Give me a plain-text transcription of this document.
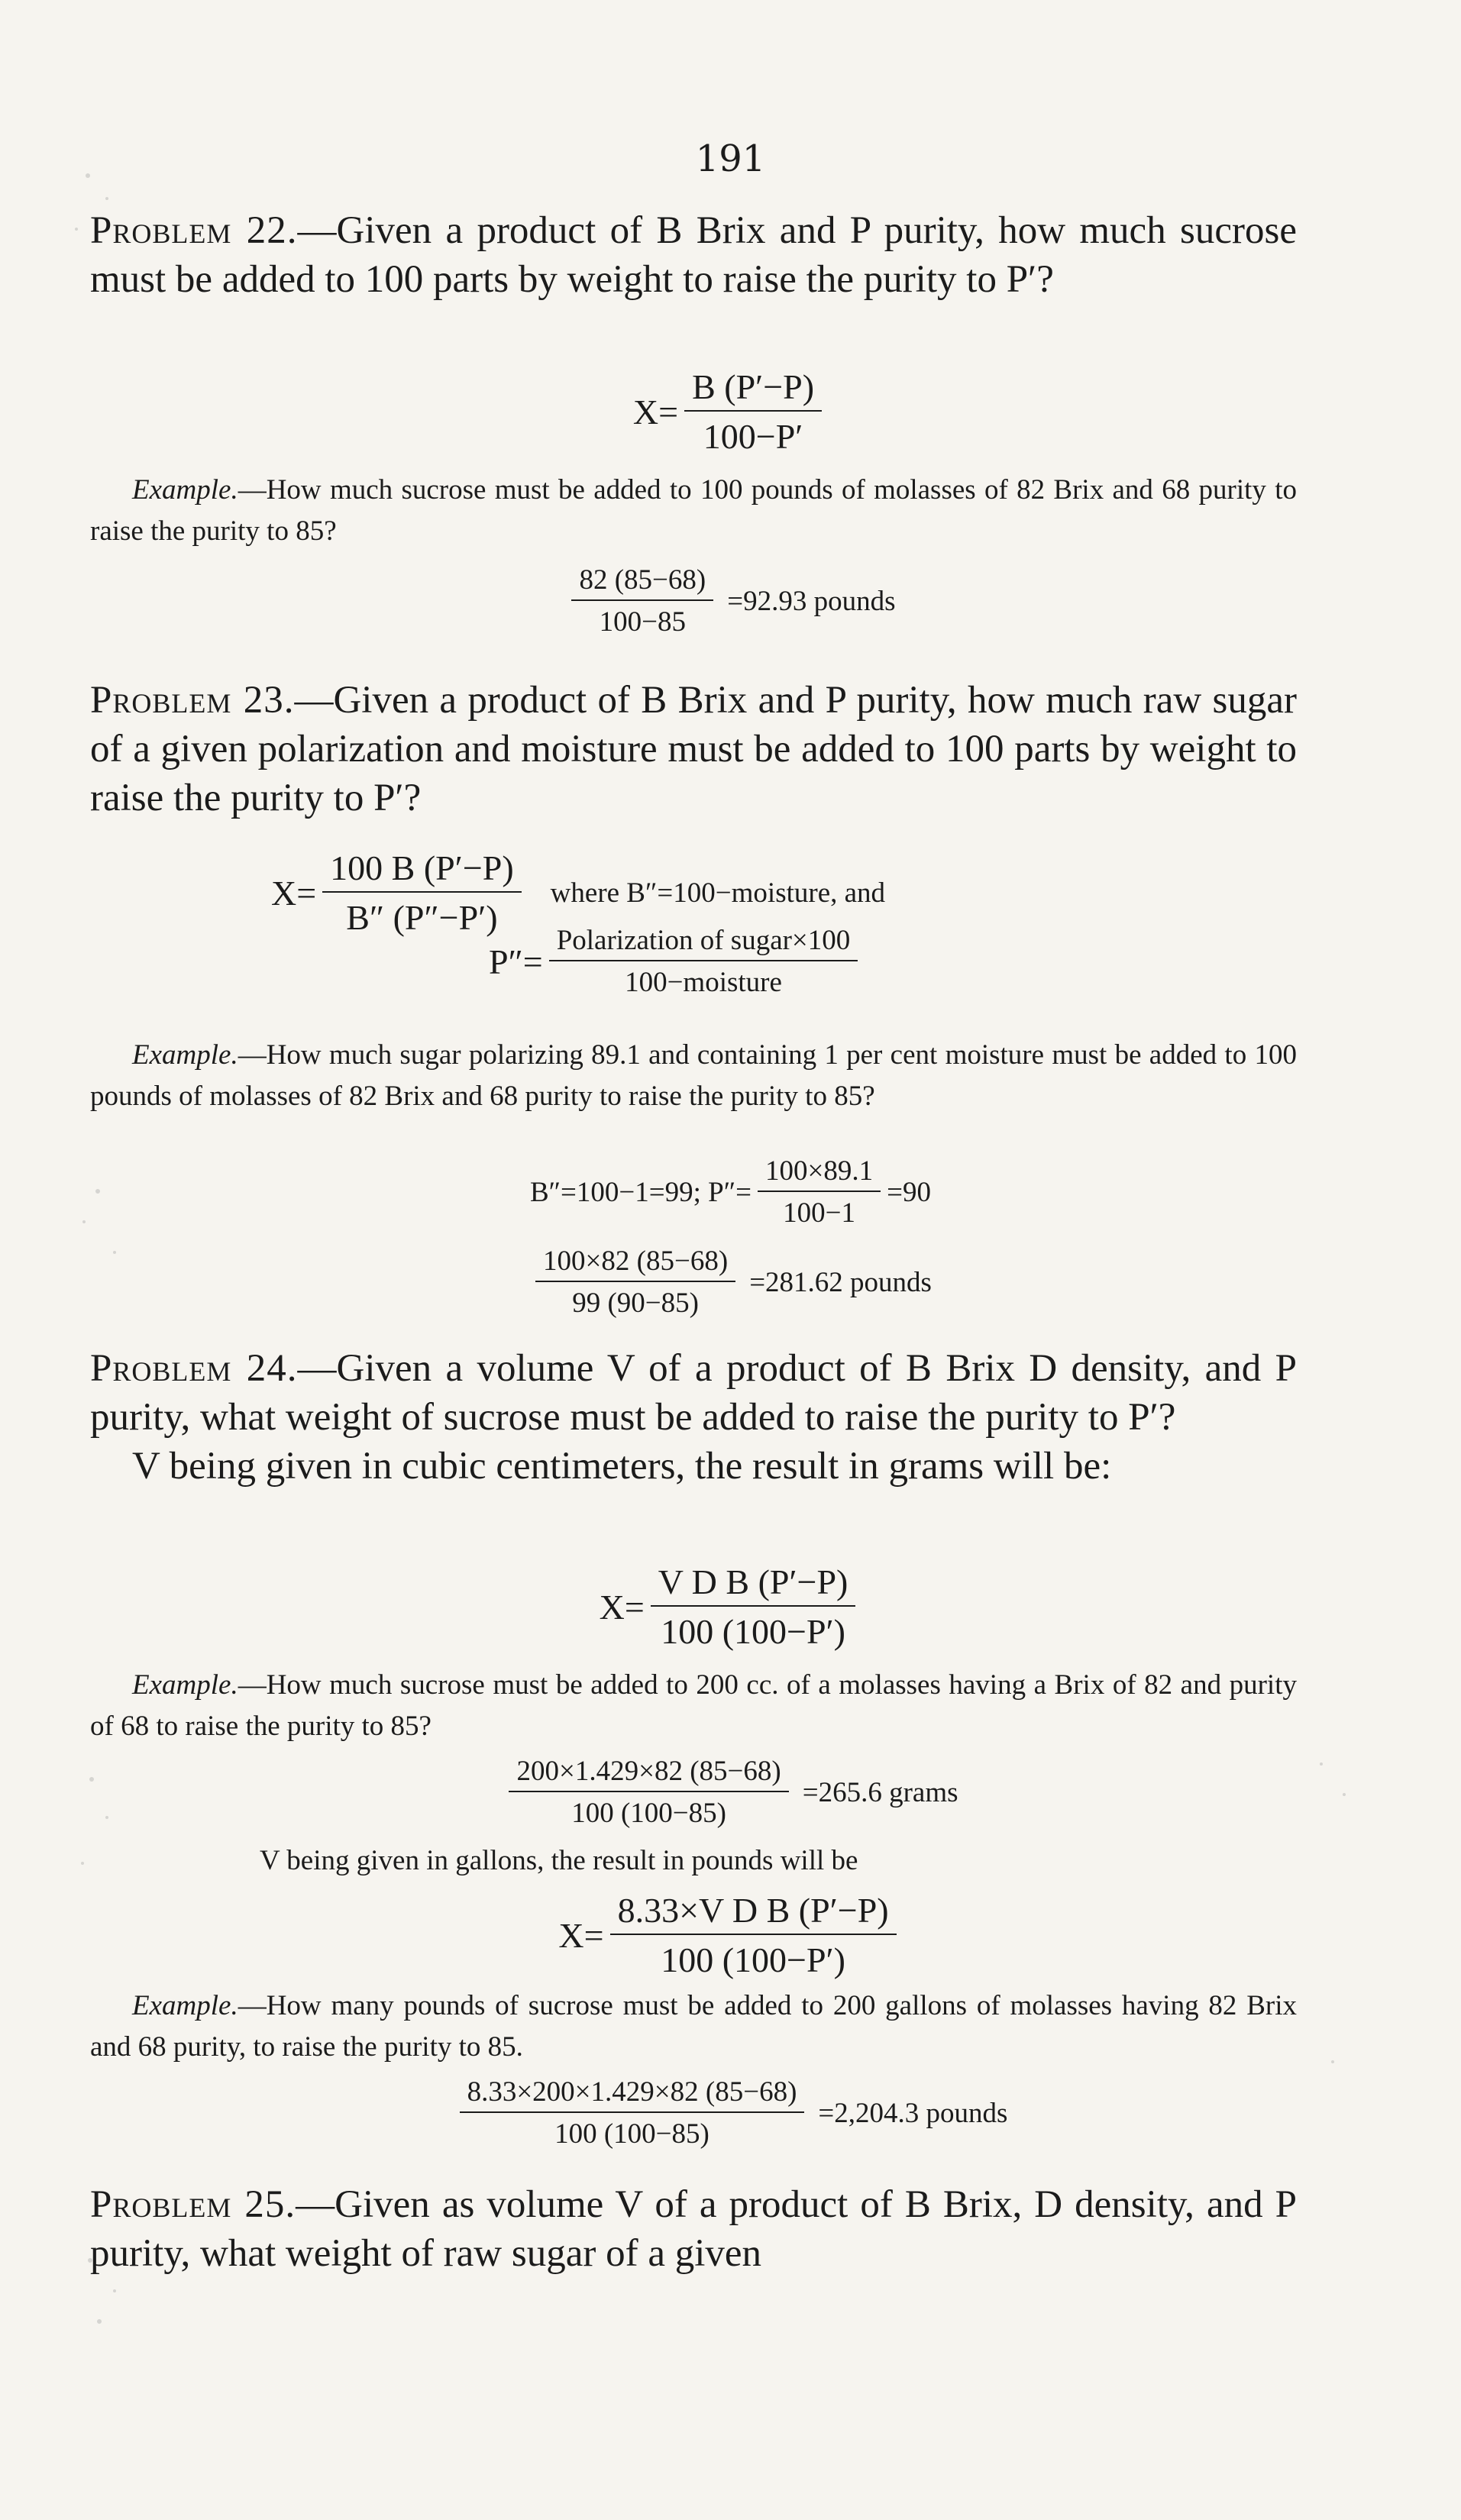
191
Problem 22.—Given a product of B Brix and P purity, how much sucrose must be added to 100 parts by weight to raise the purity to P′?
$X= \frac{B (P'-P)}{100-P'}$
Example.—How much sucrose must be added to 100 pounds of molasses of 82 Brix and 68 purity to raise the purity to 85?
$\frac{82 (85-68)}{100-85} =92.93$ pounds
Problem 23.—Given a product of B Brix and P purity, how much raw sugar of a given polarization and moisture must be added to 100 parts by weight to raise the purity to P′?
$X= \frac{100 B (P'-P)}{B'' (P''-P')}$ where B″=100−moisture, and
$P''= \frac{\text{Polarization of sugar×100}}{\text{100−moisture}}$
Example.—How much sugar polarizing 89.1 and containing 1 per cent moisture must be added to 100 pounds of molasses of 82 Brix and 68 purity to raise the purity to 85?
B″=100−1=99; $P''= \frac{100\times 89.1}{100-1} =90$
$\frac{100\times 82 (85-68)}{99 (90-85)} =281.62$ pounds
Problem 24.—Given a volume V of a product of B Brix D density, and P purity, what weight of sucrose must be added to raise the purity to P′?
V being given in cubic centimeters, the result in grams will be:
$X= \frac{\text{V D B (P′−P)}}{100 (100-P')}$
Example.—How much sucrose must be added to 200 cc. of a molasses having a Brix of 82 and purity of 68 to raise the purity to 85?
$\frac{200\times 1.429\times 82 (85-68)}{100 (100-85)} =265.6$ grams
V being given in gallons, the result in pounds will be
$X= \frac{\text{8.33×V D B (P′−P)}}{100 (100-P')}$
Example.—How many pounds of sucrose must be added to 200 gallons of molasses having 82 Brix and 68 purity, to raise the purity to 85.
$\frac{8.33\times 200\times 1.429\times 82 (85-68)}{100 (100-85)} =2,204.3$ pounds
Problem 25.—Given as volume V of a product of B Brix, D density, and P purity, what weight of raw sugar of a given
